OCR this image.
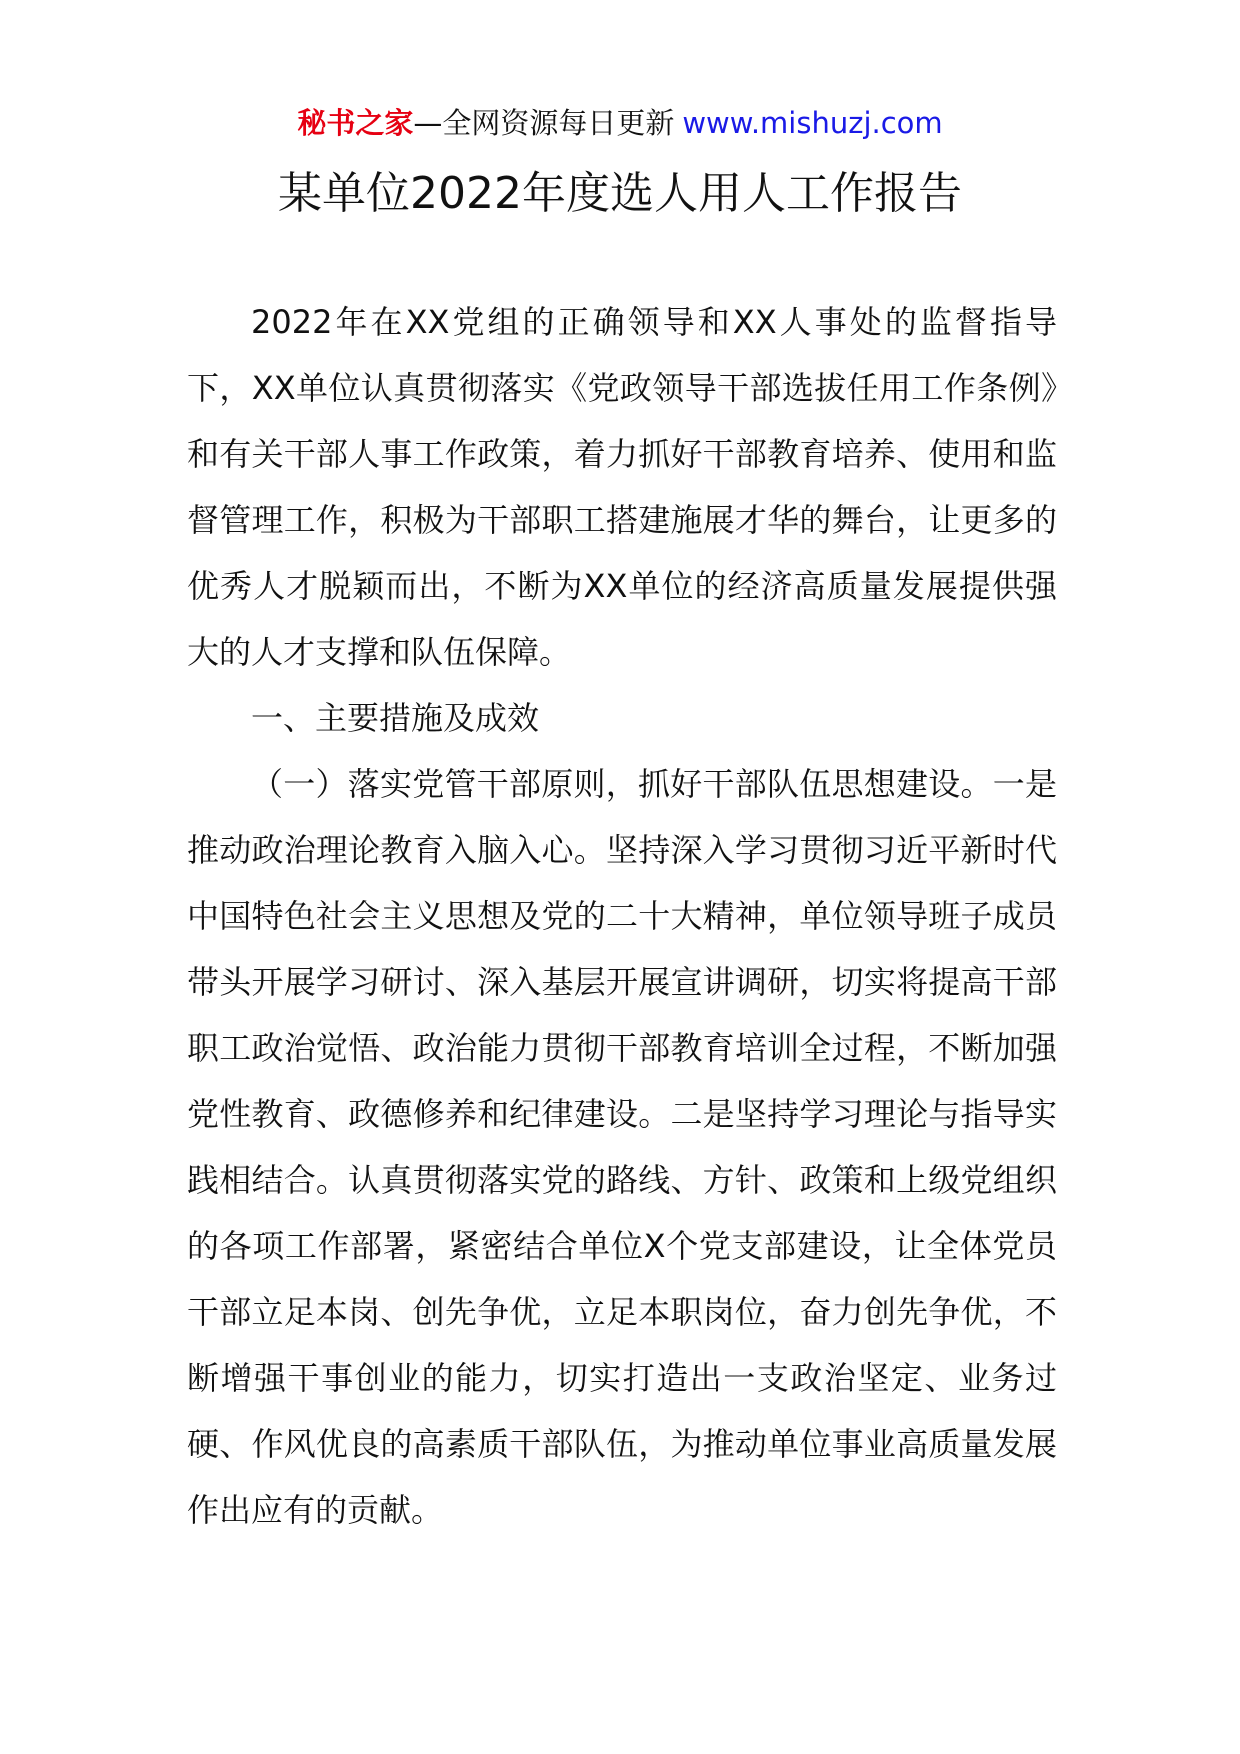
秘书之家—全网资源每日更新 www.mishuzj.com
某单位2022年度选人用人工作报告

2022年在XX党组的正确领导和XX人事处的监督指导下，XX单位认真贯彻落实《党政领导干部选拔任用工作条例》和有关干部人事工作政策，着力抓好干部教育培养、使用和监督管理工作，积极为干部职工搭建施展才华的舞台，让更多的优秀人才脱颖而出，不断为XX单位的经济高质量发展提供强大的人才支撑和队伍保障。

一、主要措施及成效

（一）落实党管干部原则，抓好干部队伍思想建设。一是推动政治理论教育入脑入心。坚持深入学习贯彻习近平新时代中国特色社会主义思想及党的二十大精神，单位领导班子成员带头开展学习研讨、深入基层开展宣讲调研，切实将提高干部职工政治觉悟、政治能力贯彻干部教育培训全过程，不断加强党性教育、政德修养和纪律建设。二是坚持学习理论与指导实践相结合。认真贯彻落实党的路线、方针、政策和上级党组织的各项工作部署，紧密结合单位X个党支部建设，让全体党员干部立足本岗、创先争优，立足本职岗位，奋力创先争优，不断增强干事创业的能力，切实打造出一支政治坚定、业务过硬、作风优良的高素质干部队伍，为推动单位事业高质量发展作出应有的贡献。
